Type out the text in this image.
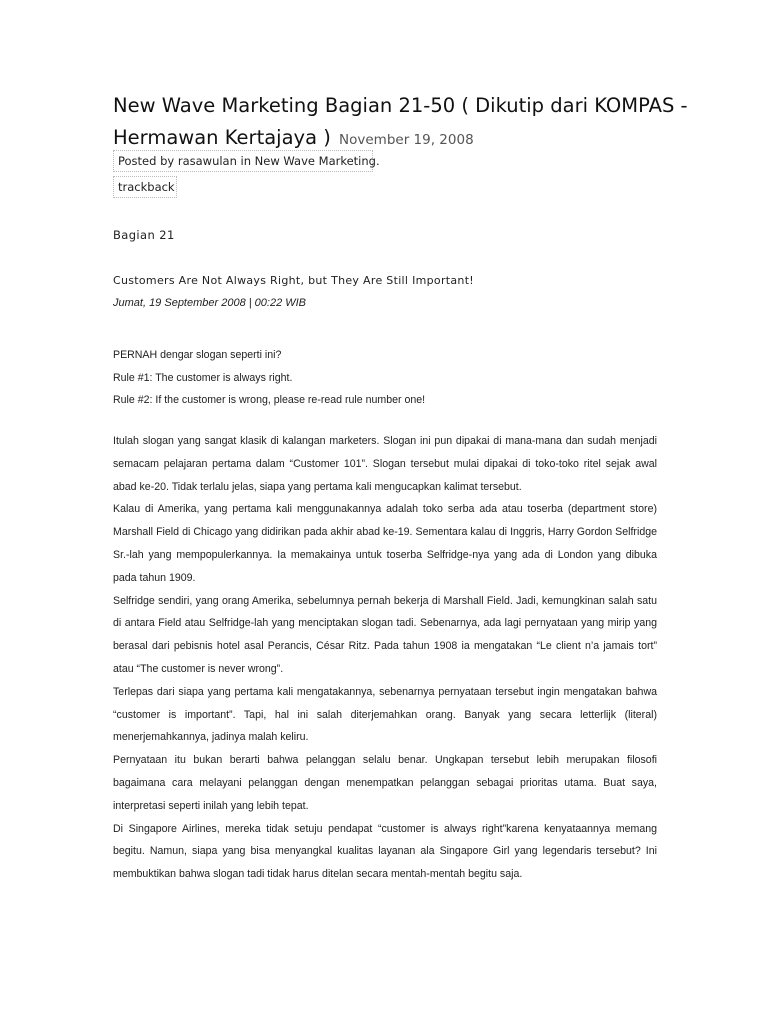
New Wave Marketing Bagian 21-50 ( Dikutip dari KOMPAS -
Hermawan Kertajaya ) November 19, 2008
Posted by rasawulan in New Wave Marketing.
trackback
Bagian 21
Customers Are Not Always Right, but They Are Still Important!
Jumat, 19 September 2008 | 00:22 WIB

PERNAH dengar slogan seperti ini?

Rule #1: The customer is always right.

Rule #2: If the customer is wrong, please re-read rule number one!

Itulah slogan yang sangat klasik di kalangan marketers. Slogan ini pun dipakai di mana-mana dan sudah menjadi semacam pelajaran pertama dalam “Customer 101”. Slogan tersebut mulai dipakai di toko-toko ritel sejak awal abad ke-20. Tidak terlalu jelas, siapa yang pertama kali mengucapkan kalimat tersebut.

Kalau di Amerika, yang pertama kali menggunakannya adalah toko serba ada atau toserba (department store) Marshall Field di Chicago yang didirikan pada akhir abad ke-19. Sementara kalau di Inggris, Harry Gordon Selfridge Sr.-lah yang mempopulerkannya. Ia memakainya untuk toserba Selfridge-nya yang ada di London yang dibuka pada tahun 1909.

Selfridge sendiri, yang orang Amerika, sebelumnya pernah bekerja di Marshall Field. Jadi, kemungkinan salah satu di antara Field atau Selfridge-lah yang menciptakan slogan tadi. Sebenarnya, ada lagi pernyataan yang mirip yang berasal dari pebisnis hotel asal Perancis, César Ritz. Pada tahun 1908 ia mengatakan “Le client n’a jamais tort” atau “The customer is never wrong”.

Terlepas dari siapa yang pertama kali mengatakannya, sebenarnya pernyataan tersebut ingin mengatakan bahwa “customer is important”. Tapi, hal ini salah diterjemahkan orang. Banyak yang secara letterlijk (literal) menerjemahkannya, jadinya malah keliru.

Pernyataan itu bukan berarti bahwa pelanggan selalu benar. Ungkapan tersebut lebih merupakan filosofi bagaimana cara melayani pelanggan dengan menempatkan pelanggan sebagai prioritas utama. Buat saya, interpretasi seperti inilah yang lebih tepat.

Di Singapore Airlines, mereka tidak setuju pendapat “customer is always right”karena kenyataannya memang begitu. Namun, siapa yang bisa menyangkal kualitas layanan ala Singapore Girl yang legendaris tersebut? Ini membuktikan bahwa slogan tadi tidak harus ditelan secara mentah-mentah begitu saja.
